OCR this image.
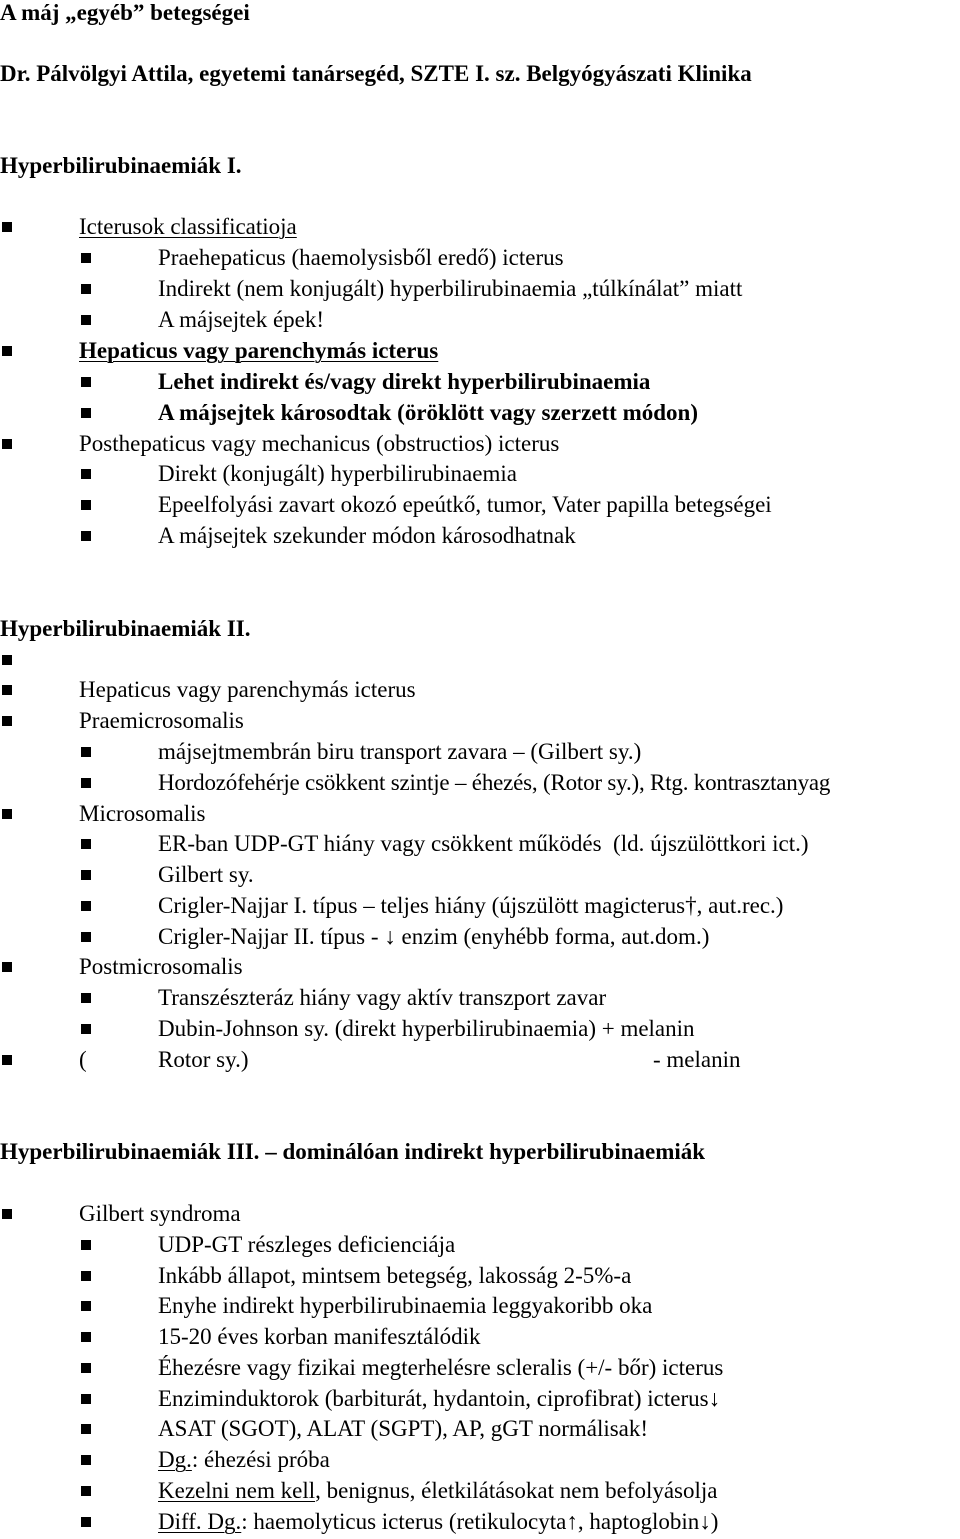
A máj „egyéb” betegségei
Dr. Pálvölgyi Attila, egyetemi tanársegéd, SZTE I. sz. Belgyógyászati Klinika
Hyperbilirubinaemiák I.
Icterusok classificatioja
Praehepaticus (haemolysisből eredő) icterus
Indirekt (nem konjugált) hyperbilirubinaemia „túlkínálat” miatt
A májsejtek épek!
Hepaticus vagy parenchymás icterus
Lehet indirekt és/vagy direkt hyperbilirubinaemia
A májsejtek károsodtak (öröklött vagy szerzett módon)
Posthepaticus vagy mechanicus (obstructios) icterus
Direkt (konjugált) hyperbilirubinaemia
Epeelfolyási zavart okozó epeútkő, tumor, Vater papilla betegségei
A májsejtek szekunder módon károsodhatnak
Hyperbilirubinaemiák II.
Hepaticus vagy parenchymás icterus
Praemicrosomalis
májsejtmembrán biru transport zavara – (Gilbert sy.)
Hordozófehérje csökkent szintje – éhezés, (Rotor sy.), Rtg. kontrasztanyag
Microsomalis
ER-ban UDP-GT hiány vagy csökkent működés  (ld. újszülöttkori ict.)
Gilbert sy.
Crigler-Najjar I. típus – teljes hiány (újszülött magicterus†, aut.rec.)
Crigler-Najjar II. típus - ↓ enzim (enyhébb forma, aut.dom.)
Postmicrosomalis
Transzészteráz hiány vagy aktív transzport zavar
Dubin-Johnson sy. (direkt hyperbilirubinaemia) + melanin
(	Rotor sy.)	- melanin
Hyperbilirubinaemiák III. – dominálóan indirekt hyperbilirubinaemiák
Gilbert syndroma
UDP-GT részleges deficienciája
Inkább állapot, mintsem betegség, lakosság 2-5%-a
Enyhe indirekt hyperbilirubinaemia leggyakoribb oka
15-20 éves korban manifesztálódik
Éhezésre vagy fizikai megterhelésre scleralis (+/- bőr) icterus
Enziminduktorok (barbiturát, hydantoin, ciprofibrat) icterus↓
ASAT (SGOT), ALAT (SGPT), AP, gGT normálisak!
Dg.: éhezési próba
Kezelni nem kell, benignus, életkilátásokat nem befolyásolja
Diff. Dg.: haemolyticus icterus (retikulocyta↑, haptoglobin↓)
